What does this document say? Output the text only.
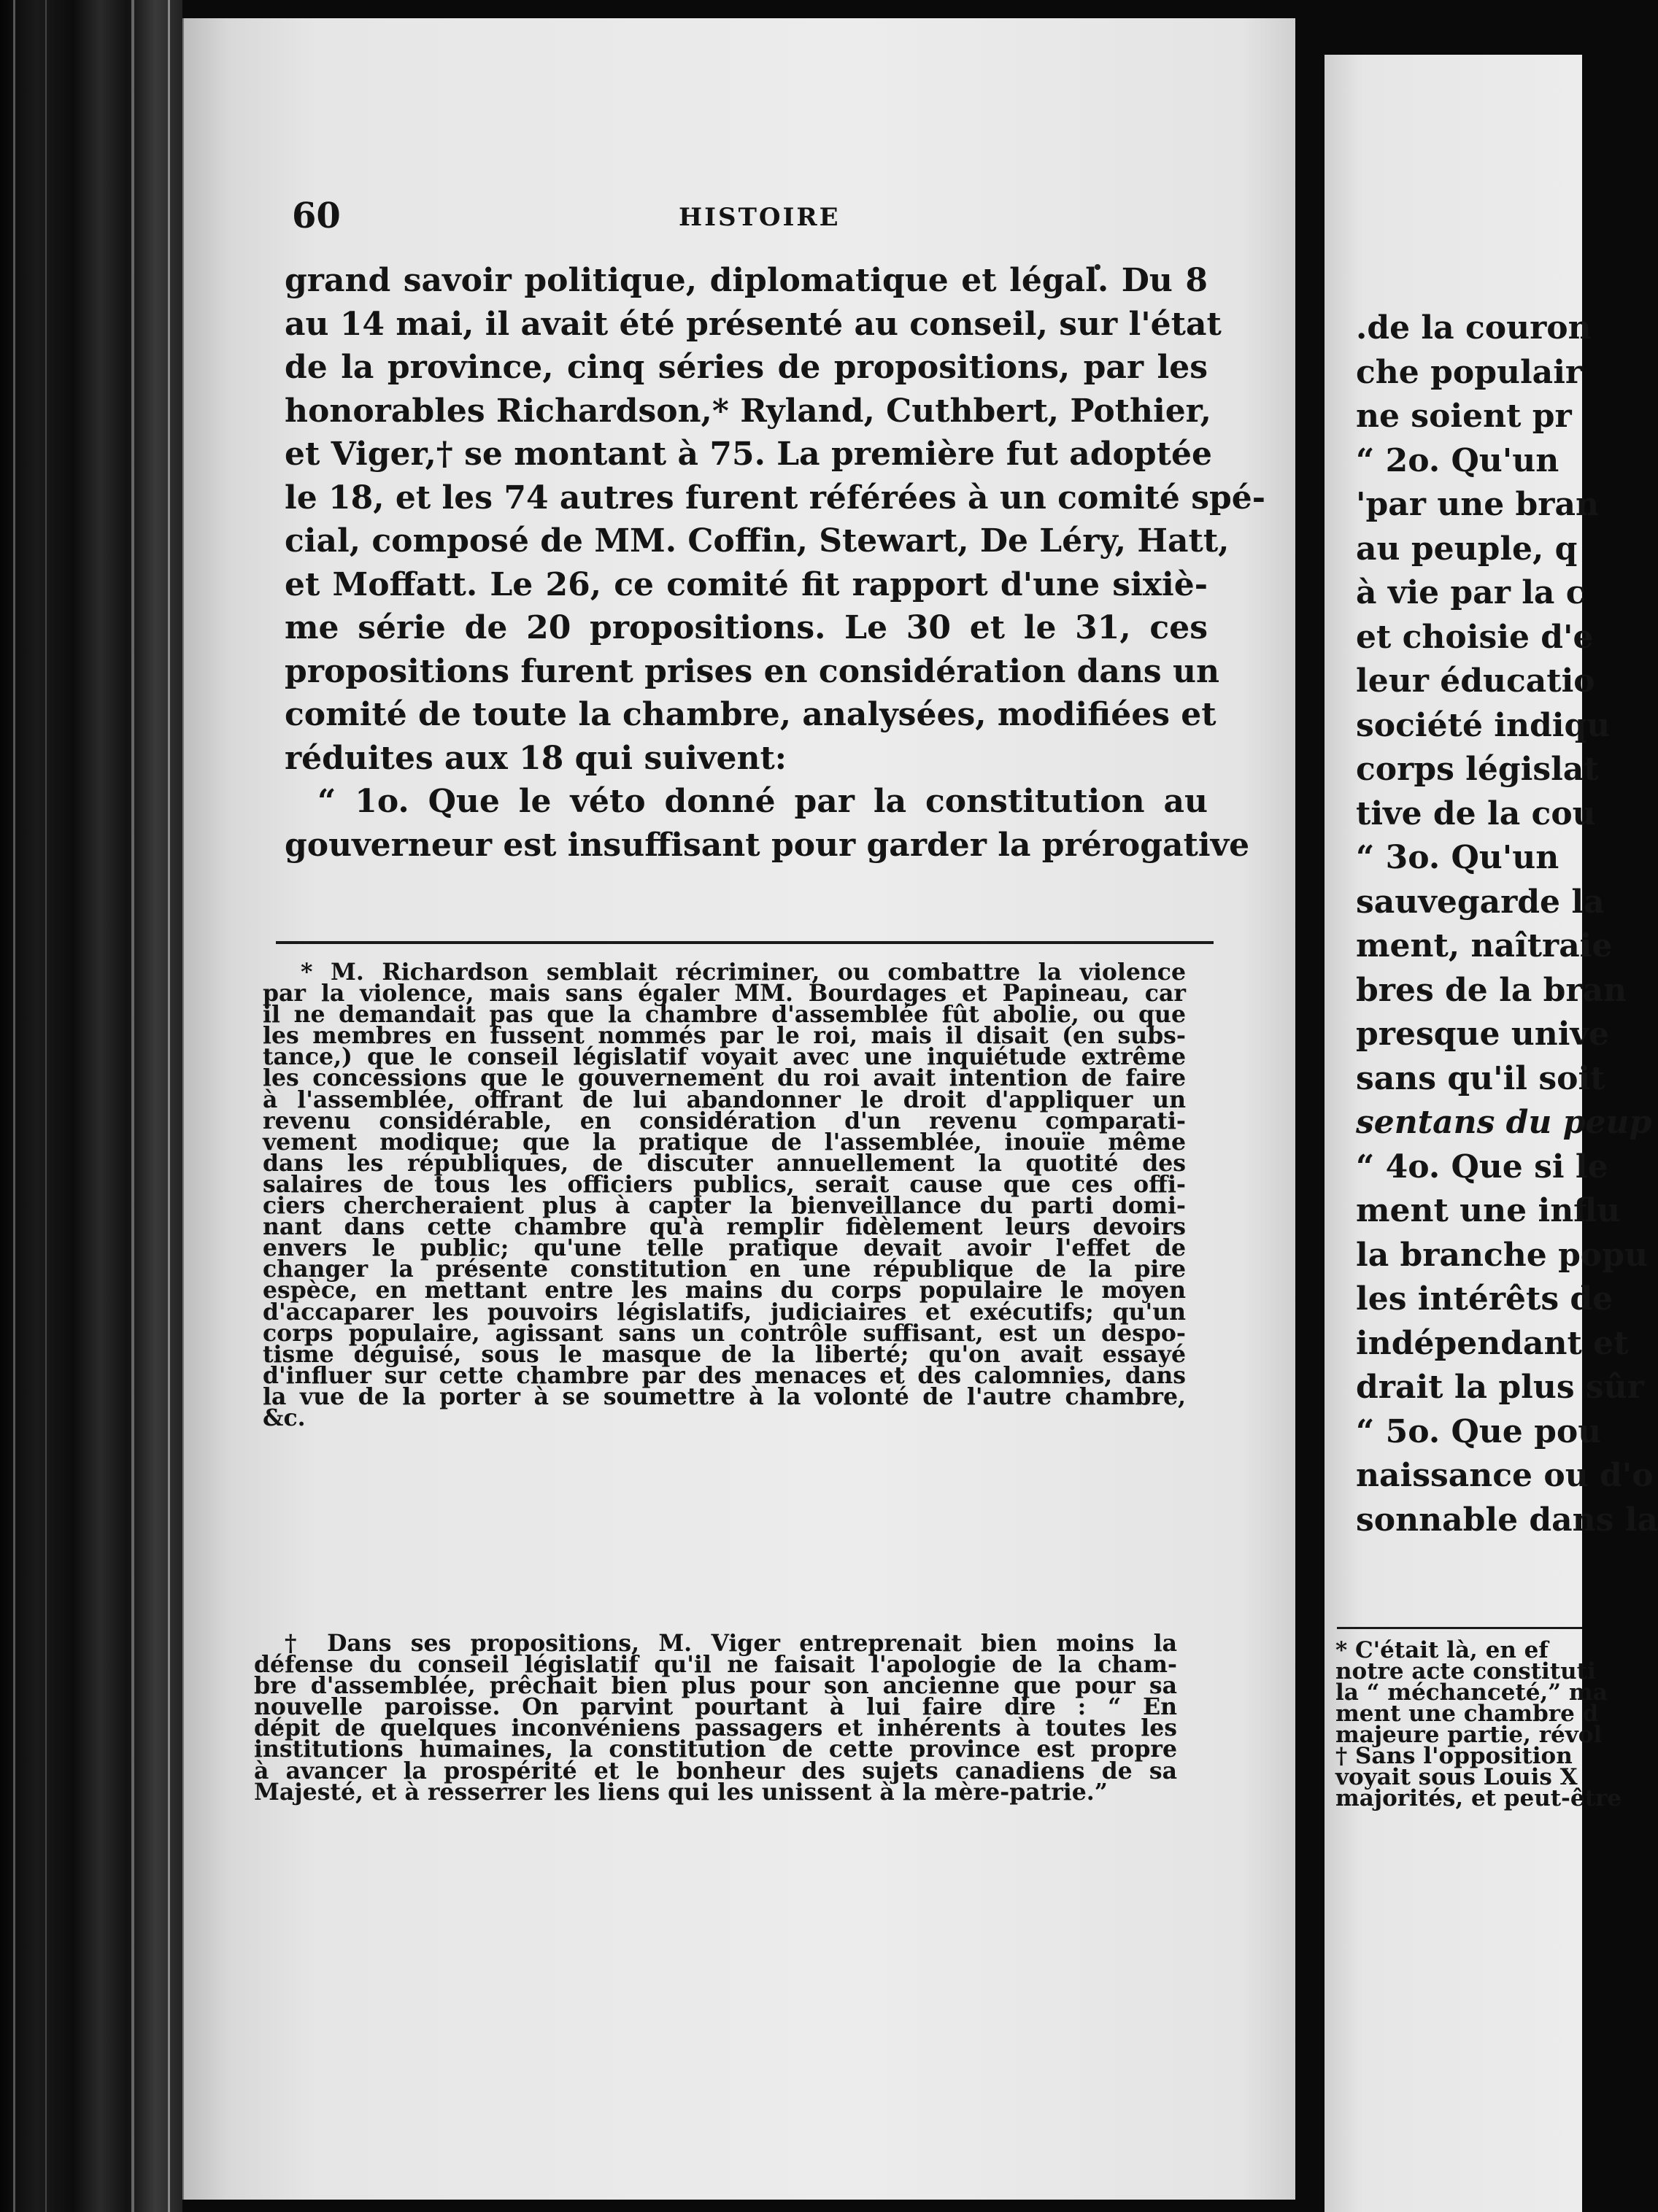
60	HISTOIRE
grand savoir politique, diplomatique et légal. Du 8
au 14 mai, il avait été présenté au conseil, sur l'état
de la province, cinq séries de propositions, par les
honorables Richardson,* Ryland, Cuthbert, Pothier,
et Viger,† se montant à 75. La première fut adoptée
le 18, et les 74 autres furent référées à un comité spé-
cial, composé de MM. Coffin, Stewart, De Léry, Hatt,
et Moffatt. Le 26, ce comité fit rapport d'une sixiè-
me série de 20 propositions. Le 30 et le 31, ces
propositions furent prises en considération dans un
comité de toute la chambre, analysées, modifiées et
réduites aux 18 qui suivent:
“ 1o. Que le véto donné par la constitution au
gouverneur est insuffisant pour garder la prérogative
* M. Richardson semblait récriminer, ou combattre la violence
par la violence, mais sans égaler MM. Bourdages et Papineau, car
il ne demandait pas que la chambre d'assemblée fût abolie, ou que
les membres en fussent nommés par le roi, mais il disait (en subs-
tance,) que le conseil législatif voyait avec une inquiétude extrême
les concessions que le gouvernement du roi avait intention de faire
à l'assemblée, offrant de lui abandonner le droit d'appliquer un
revenu considérable, en considération d'un revenu comparati-
vement modique; que la pratique de l'assemblée, inouïe même
dans les républiques, de discuter annuellement la quotité des
salaires de tous les officiers publics, serait cause que ces offi-
ciers chercheraient plus à capter la bienveillance du parti domi-
nant dans cette chambre qu'à remplir fidèlement leurs devoirs
envers le public; qu'une telle pratique devait avoir l'effet de
changer la présente constitution en une république de la pire
espèce, en mettant entre les mains du corps populaire le moyen
d'accaparer les pouvoirs législatifs, judiciaires et exécutifs; qu'un
corps populaire, agissant sans un contrôle suffisant, est un despo-
tisme déguisé, sous le masque de la liberté; qu'on avait essayé
d'influer sur cette chambre par des menaces et des calomnies, dans
la vue de la porter à se soumettre à la volonté de l'autre chambre,
&c.
† Dans ses propositions, M. Viger entreprenait bien moins la
défense du conseil législatif qu'il ne faisait l'apologie de la cham-
bre d'assemblée, prêchait bien plus pour son ancienne que pour sa
nouvelle paroisse. On parvint pourtant à lui faire dire : “ En
dépit de quelques inconvéniens passagers et inhérents à toutes les
institutions humaines, la constitution de cette province est propre
à avancer la prospérité et le bonheur des sujets canadiens de sa
Majesté, et à resserrer les liens qui les unissent à la mère-patrie.”
.de la couron
che populair
ne soient pr
“ 2o. Qu'un
'par une bran
au peuple, q
à vie par la c
et choisie d'e
leur éducatio
société indiqu
corps législat
tive de la cou
“ 3o. Qu'un
sauvegarde la
ment, naîtraie
bres de la bran
presque unive
sans qu'il soit
sentans du peup
“ 4o. Que si le
ment une influ
la branche popu
les intérêts de
indépendant et
drait la plus sûr
“ 5o. Que pou
naissance ou d'o
sonnable dans la
* C'était là, en ef
notre acte constituti
la “ méchanceté,” ma
ment une chambre d
majeure partie, révol
† Sans l'opposition
voyait sous Louis X
majorités, et peut-être
